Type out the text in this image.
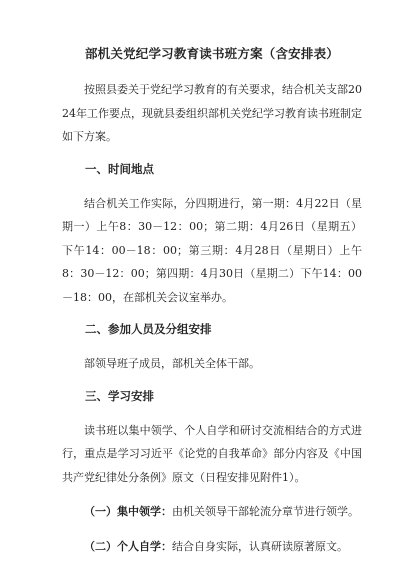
部机关党纪学习教育读书班方案（含安排表）

按照县委关于党纪学习教育的有关要求，结合机关支部2024年工作要点，现就县委组织部机关党纪学习教育读书班制定如下方案。

一、时间地点

结合机关工作实际，分四期进行，第一期：4月22日（星期一）上午8：30－12：00；第二期：4月26日（星期五）下午14：00－18：00；第三期：4月28日（星期日）上午8：30－12：00；第四期：4月30日（星期二）下午14：00－18：00，在部机关会议室举办。

二、参加人员及分组安排

部领导班子成员，部机关全体干部。

三、学习安排

读书班以集中领学、个人自学和研讨交流相结合的方式进行，重点是学习习近平《论党的自我革命》部分内容及《中国共产党纪律处分条例》原文（日程安排见附件1）。

（一）集中领学：由机关领导干部轮流分章节进行领学。

（二）个人自学：结合自身实际，认真研读原著原文。
